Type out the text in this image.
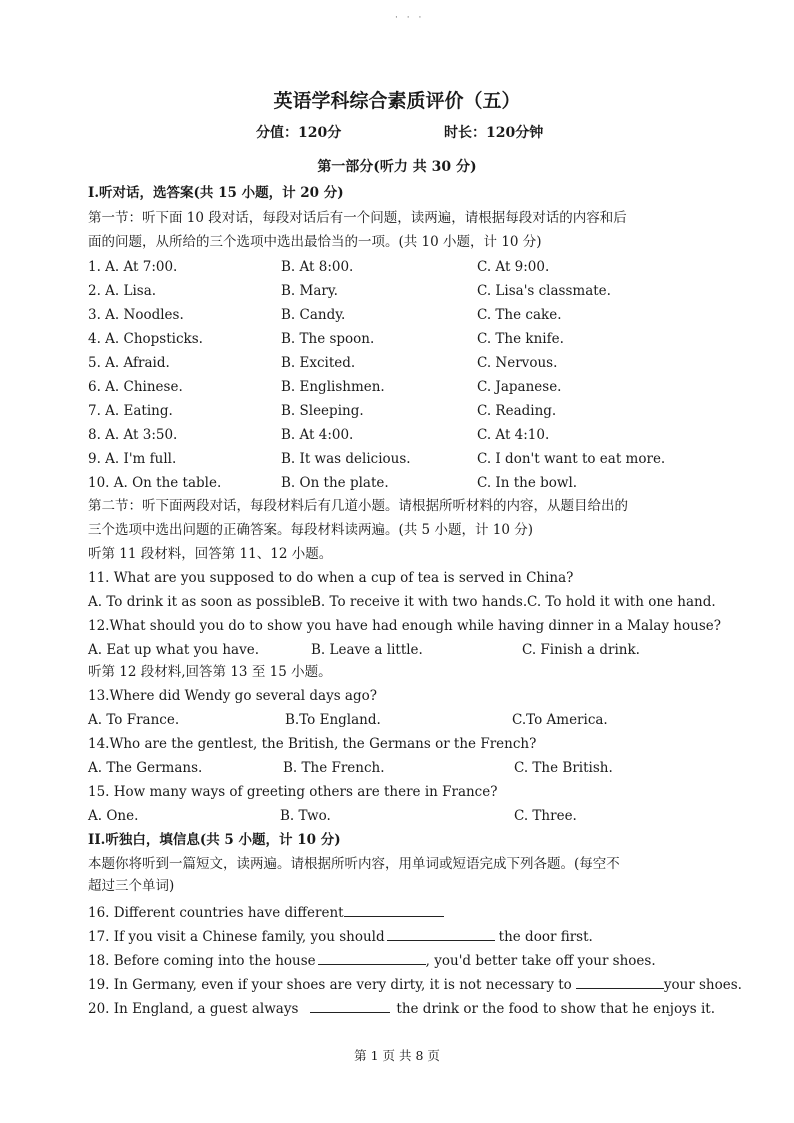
· · ·
英语学科综合素质评价（五）
分值：120分	时长：120分钟
第一部分(听力 共 30 分)
I.听对话，选答案(共 15 小题，计 20 分)
第一节：听下面 10 段对话，每段对话后有一个问题，读两遍，请根据每段对话的内容和后
面的问题，从所给的三个选项中选出最恰当的一项。(共 10 小题，计 10 分)
1. A. At 7:00.	B. At 8:00.	C. At 9:00.
2. A. Lisa.	B. Mary.	C. Lisa's classmate.
3. A. Noodles.	B. Candy.	C. The cake.
4. A. Chopsticks.	B. The spoon.	C. The knife.
5. A. Afraid.	B. Excited.	C. Nervous.
6. A. Chinese.	B. Englishmen.	C. Japanese.
7. A. Eating.	B. Sleeping.	C. Reading.
8. A. At 3:50.	B. At 4:00.	C. At 4:10.
9. A. I'm full.	B. It was delicious.	C. I don't want to eat more.
10. A. On the table.	B. On the plate.	C. In the bowl.
第二节：听下面两段对话，每段材料后有几道小题。请根据所听材料的内容，从题目给出的
三个选项中选出问题的正确答案。每段材料读两遍。(共 5 小题，计 10 分)
听第 11 段材料，回答第 11、12 小题。
11. What are you supposed to do when a cup of tea is served in China?
A. To drink it as soon as possible.
B. To receive it with two hands. C. To hold it with one hand.
12.What should you do to show you have had enough while having dinner in a Malay house?
A. Eat up what you have.	B. Leave a little.	C. Finish a drink.
听第 12 段材料,回答第 13 至 15 小题。
13.Where did Wendy go several days ago?
A. To France.	B.To England.	C.To America.
14.Who are the gentlest, the British, the Germans or the French?
A. The Germans.	B. The French.	C. The British.
15. How many ways of greeting others are there in France?
A. One.	B. Two.	C. Three.
II.听独白，填信息(共 5 小题，计 10 分)
本题你将听到一篇短文，读两遍。请根据所听内容，用单词或短语完成下列各题。(每空不
超过三个单词)
16. Different countries have different
17. If you visit a Chinese family, you should	the door first.
18. Before coming into the house	, you'd better take off your shoes.
19. In Germany, even if your shoes are very dirty, it is not necessary to	your shoes.
20. In England, a guest always	the drink or the food to show that he enjoys it.
第 1 页 共 8 页
